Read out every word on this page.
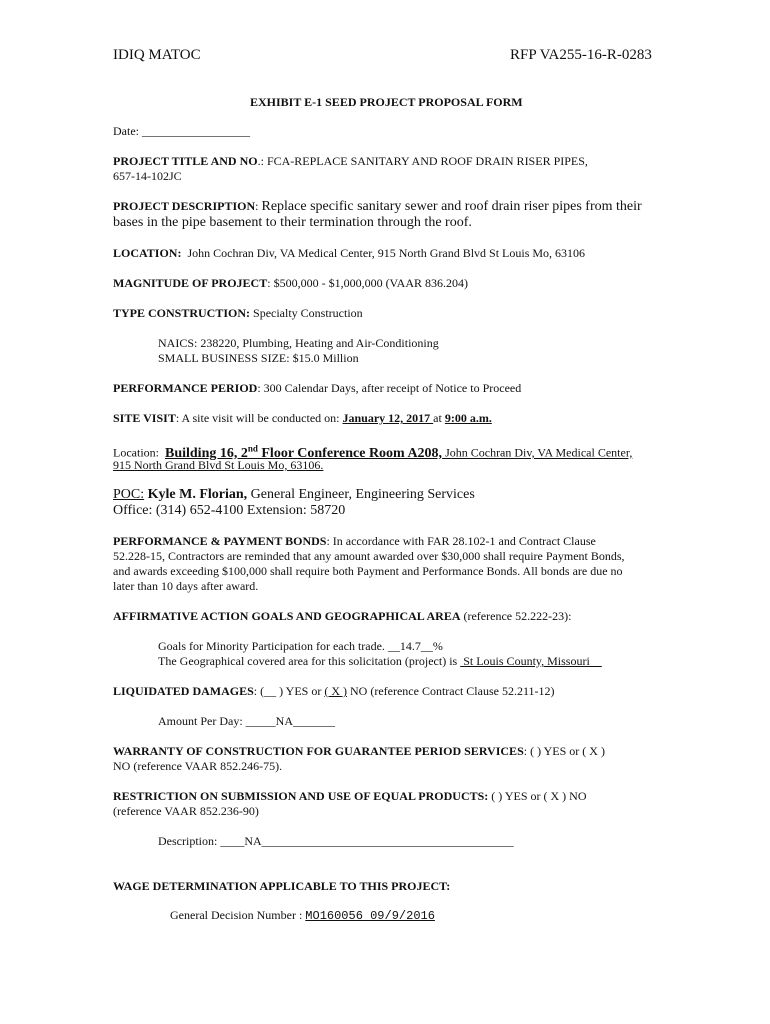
IDIQ MATOC	RFP VA255-16-R-0283
EXHIBIT E-1 SEED PROJECT PROPOSAL FORM
Date: __________________
PROJECT TITLE AND NO.: FCA-REPLACE SANITARY AND ROOF DRAIN RISER PIPES,
657-14-102JC
PROJECT DESCRIPTION: Replace specific sanitary sewer and roof drain riser pipes from their
bases in the pipe basement to their termination through the roof.
LOCATION: John Cochran Div, VA Medical Center, 915 North Grand Blvd St Louis Mo, 63106
MAGNITUDE OF PROJECT: $500,000 - $1,000,000 (VAAR 836.204)
TYPE CONSTRUCTION: Specialty Construction
NAICS: 238220, Plumbing, Heating and Air-Conditioning
SMALL BUSINESS SIZE: $15.0 Million
PERFORMANCE PERIOD: 300 Calendar Days, after receipt of Notice to Proceed
SITE VISIT: A site visit will be conducted on: January 12, 2017 at 9:00 a.m.
Location: Building 16, 2nd Floor Conference Room A208, John Cochran Div, VA Medical Center,
915 North Grand Blvd St Louis Mo, 63106.
POC: Kyle M. Florian, General Engineer, Engineering Services
Office: (314) 652-4100 Extension: 58720
PERFORMANCE & PAYMENT BONDS: In accordance with FAR 28.102-1 and Contract Clause
52.228-15, Contractors are reminded that any amount awarded over $30,000 shall require Payment Bonds,
and awards exceeding $100,000 shall require both Payment and Performance Bonds. All bonds are due no
later than 10 days after award.
AFFIRMATIVE ACTION GOALS AND GEOGRAPHICAL AREA (reference 52.222-23):
Goals for Minority Participation for each trade. __14.7__%
The Geographical covered area for this solicitation (project) is  St Louis County, Missouri
LIQUIDATED DAMAGES: (__ ) YES or ( X ) NO (reference Contract Clause 52.211-12)
Amount Per Day: _____NA_______
WARRANTY OF CONSTRUCTION FOR GUARANTEE PERIOD SERVICES: ( ) YES or ( X )
NO (reference VAAR 852.246-75).
RESTRICTION ON SUBMISSION AND USE OF EQUAL PRODUCTS: ( ) YES or ( X ) NO
(reference VAAR 852.236-90)
Description: ____NA__________________________________________
WAGE DETERMINATION APPLICABLE TO THIS PROJECT:
General Decision Number : MO160056 09/9/2016
